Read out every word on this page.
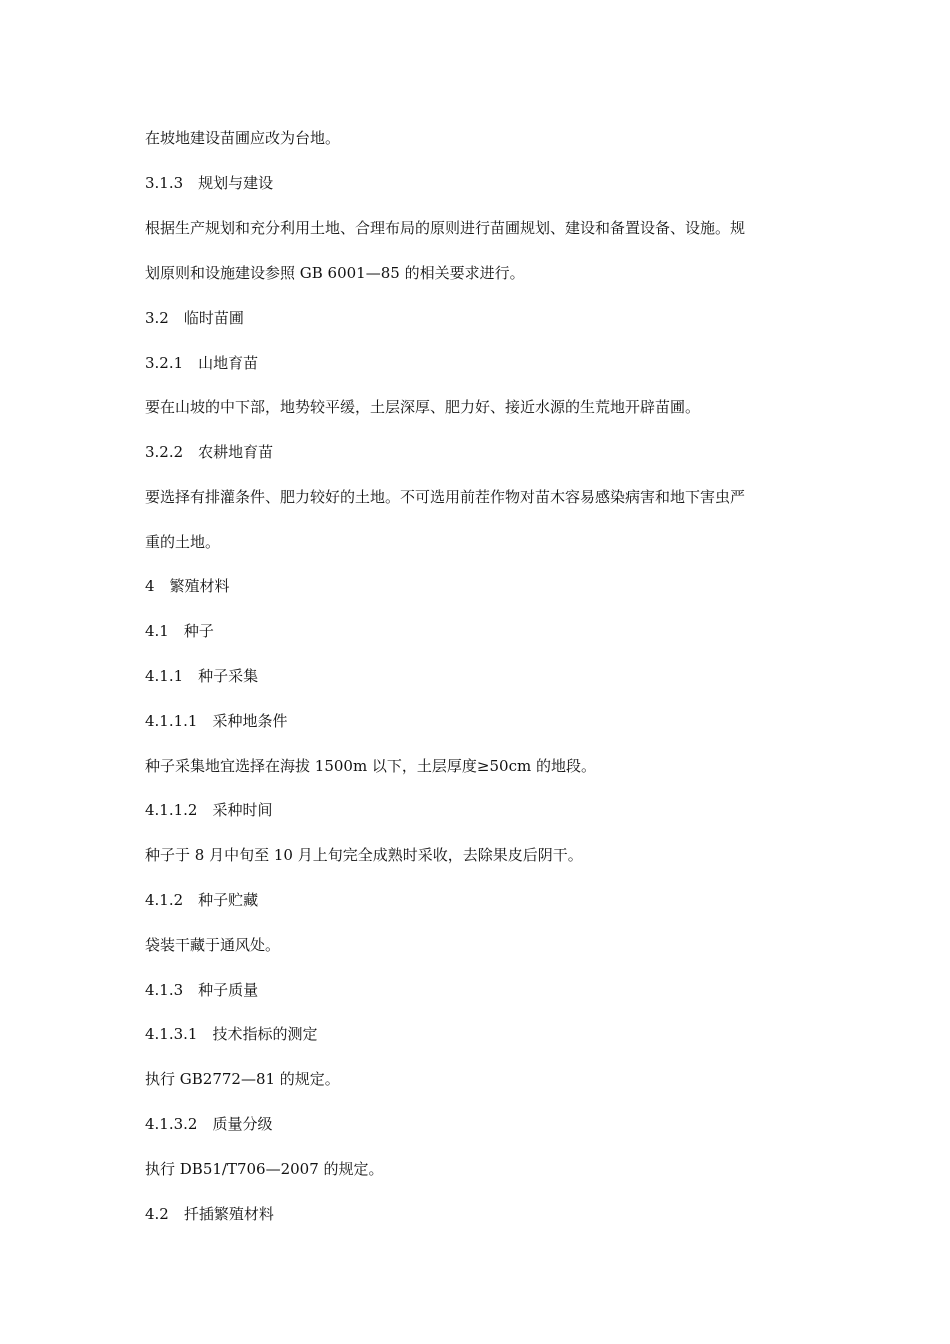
在坡地建设苗圃应改为台地。
3.1.3　规划与建设
根据生产规划和充分利用土地、合理布局的原则进行苗圃规划、建设和备置设备、设施。规
划原则和设施建设参照 GB 6001—85 的相关要求进行。
3.2　临时苗圃
3.2.1　山地育苗
要在山坡的中下部，地势较平缓，土层深厚、肥力好、接近水源的生荒地开辟苗圃。
3.2.2　农耕地育苗
要选择有排灌条件、肥力较好的土地。不可选用前茬作物对苗木容易感染病害和地下害虫严
重的土地。
4　繁殖材料
4.1　种子
4.1.1　种子采集
4.1.1.1　采种地条件
种子采集地宜选择在海拔 1500m 以下，土层厚度≥50cm 的地段。
4.1.1.2　采种时间
种子于 8 月中旬至 10 月上旬完全成熟时采收，去除果皮后阴干。
4.1.2　种子贮藏
袋装干藏于通风处。
4.1.3　种子质量
4.1.3.1　技术指标的测定
执行 GB2772—81 的规定。
4.1.3.2　质量分级
执行 DB51/T706—2007 的规定。
4.2　扦插繁殖材料
